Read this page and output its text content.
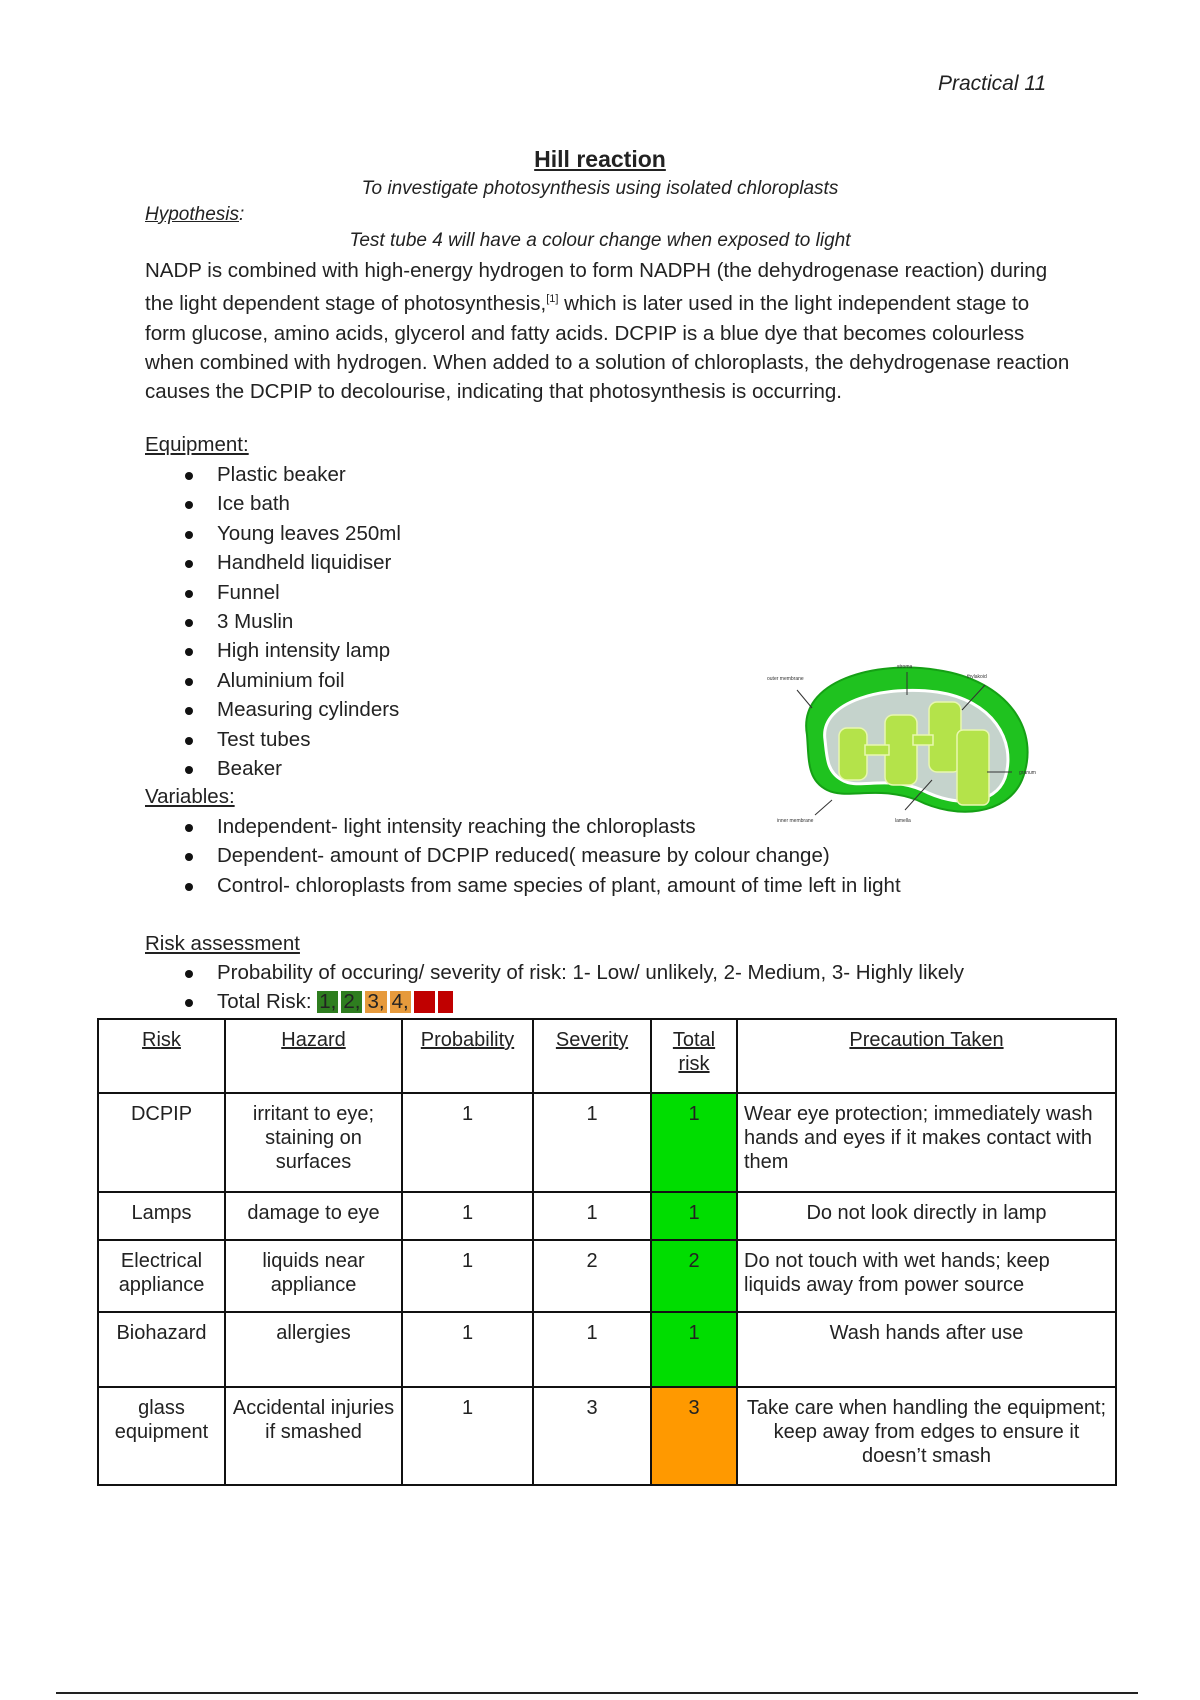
Practical 11
Hill reaction
To investigate photosynthesis using isolated chloroplasts
Hypothesis:
Test tube 4 will have a colour change when exposed to light
NADP is combined with high-energy hydrogen to form NADPH (the dehydrogenase reaction) during the light dependent stage of photosynthesis,[1] which is later used in the light independent stage to form glucose, amino acids, glycerol and fatty acids. DCPIP is a blue dye that becomes colourless when combined with hydrogen. When added to a solution of chloroplasts, the dehydrogenase reaction causes the DCPIP to decolourise, indicating that photosynthesis is occurring.
Equipment:
Plastic beaker
Ice bath
Young leaves 250ml
Handheld liquidiser
Funnel
3 Muslin
High intensity lamp
Aluminium foil
Measuring cylinders
Test tubes
Beaker
outer membrane
stroma
thylakoid
granum
inner membrane	lamella
Variables:
Independent- light intensity reaching the chloroplasts
Dependent- amount of DCPIP reduced( measure by colour change)
Control- chloroplasts from same species of plant, amount of time left in light
Risk assessment
Probability of occuring/ severity of risk: 1- Low/ unlikely, 2- Medium, 3- Highly likely
Total Risk: 1, 2, 3, 4, 6, 9
Risk	Hazard	Probability	Severity	Total risk	Precaution Taken
DCPIP	irritant to eye; staining on surfaces	1	1	1	Wear eye protection; immediately wash hands and eyes if it makes contact with them
Lamps	damage to eye	1	1	1	Do not look directly in lamp
Electrical appliance	liquids near appliance	1	2	2	Do not touch with wet hands; keep liquids away from power source
Biohazard	allergies	1	1	1	Wash hands after use
glass equipment	Accidental injuries if smashed	1	3	3	Take care when handling the equipment; keep away from edges to ensure it doesn’t smash
